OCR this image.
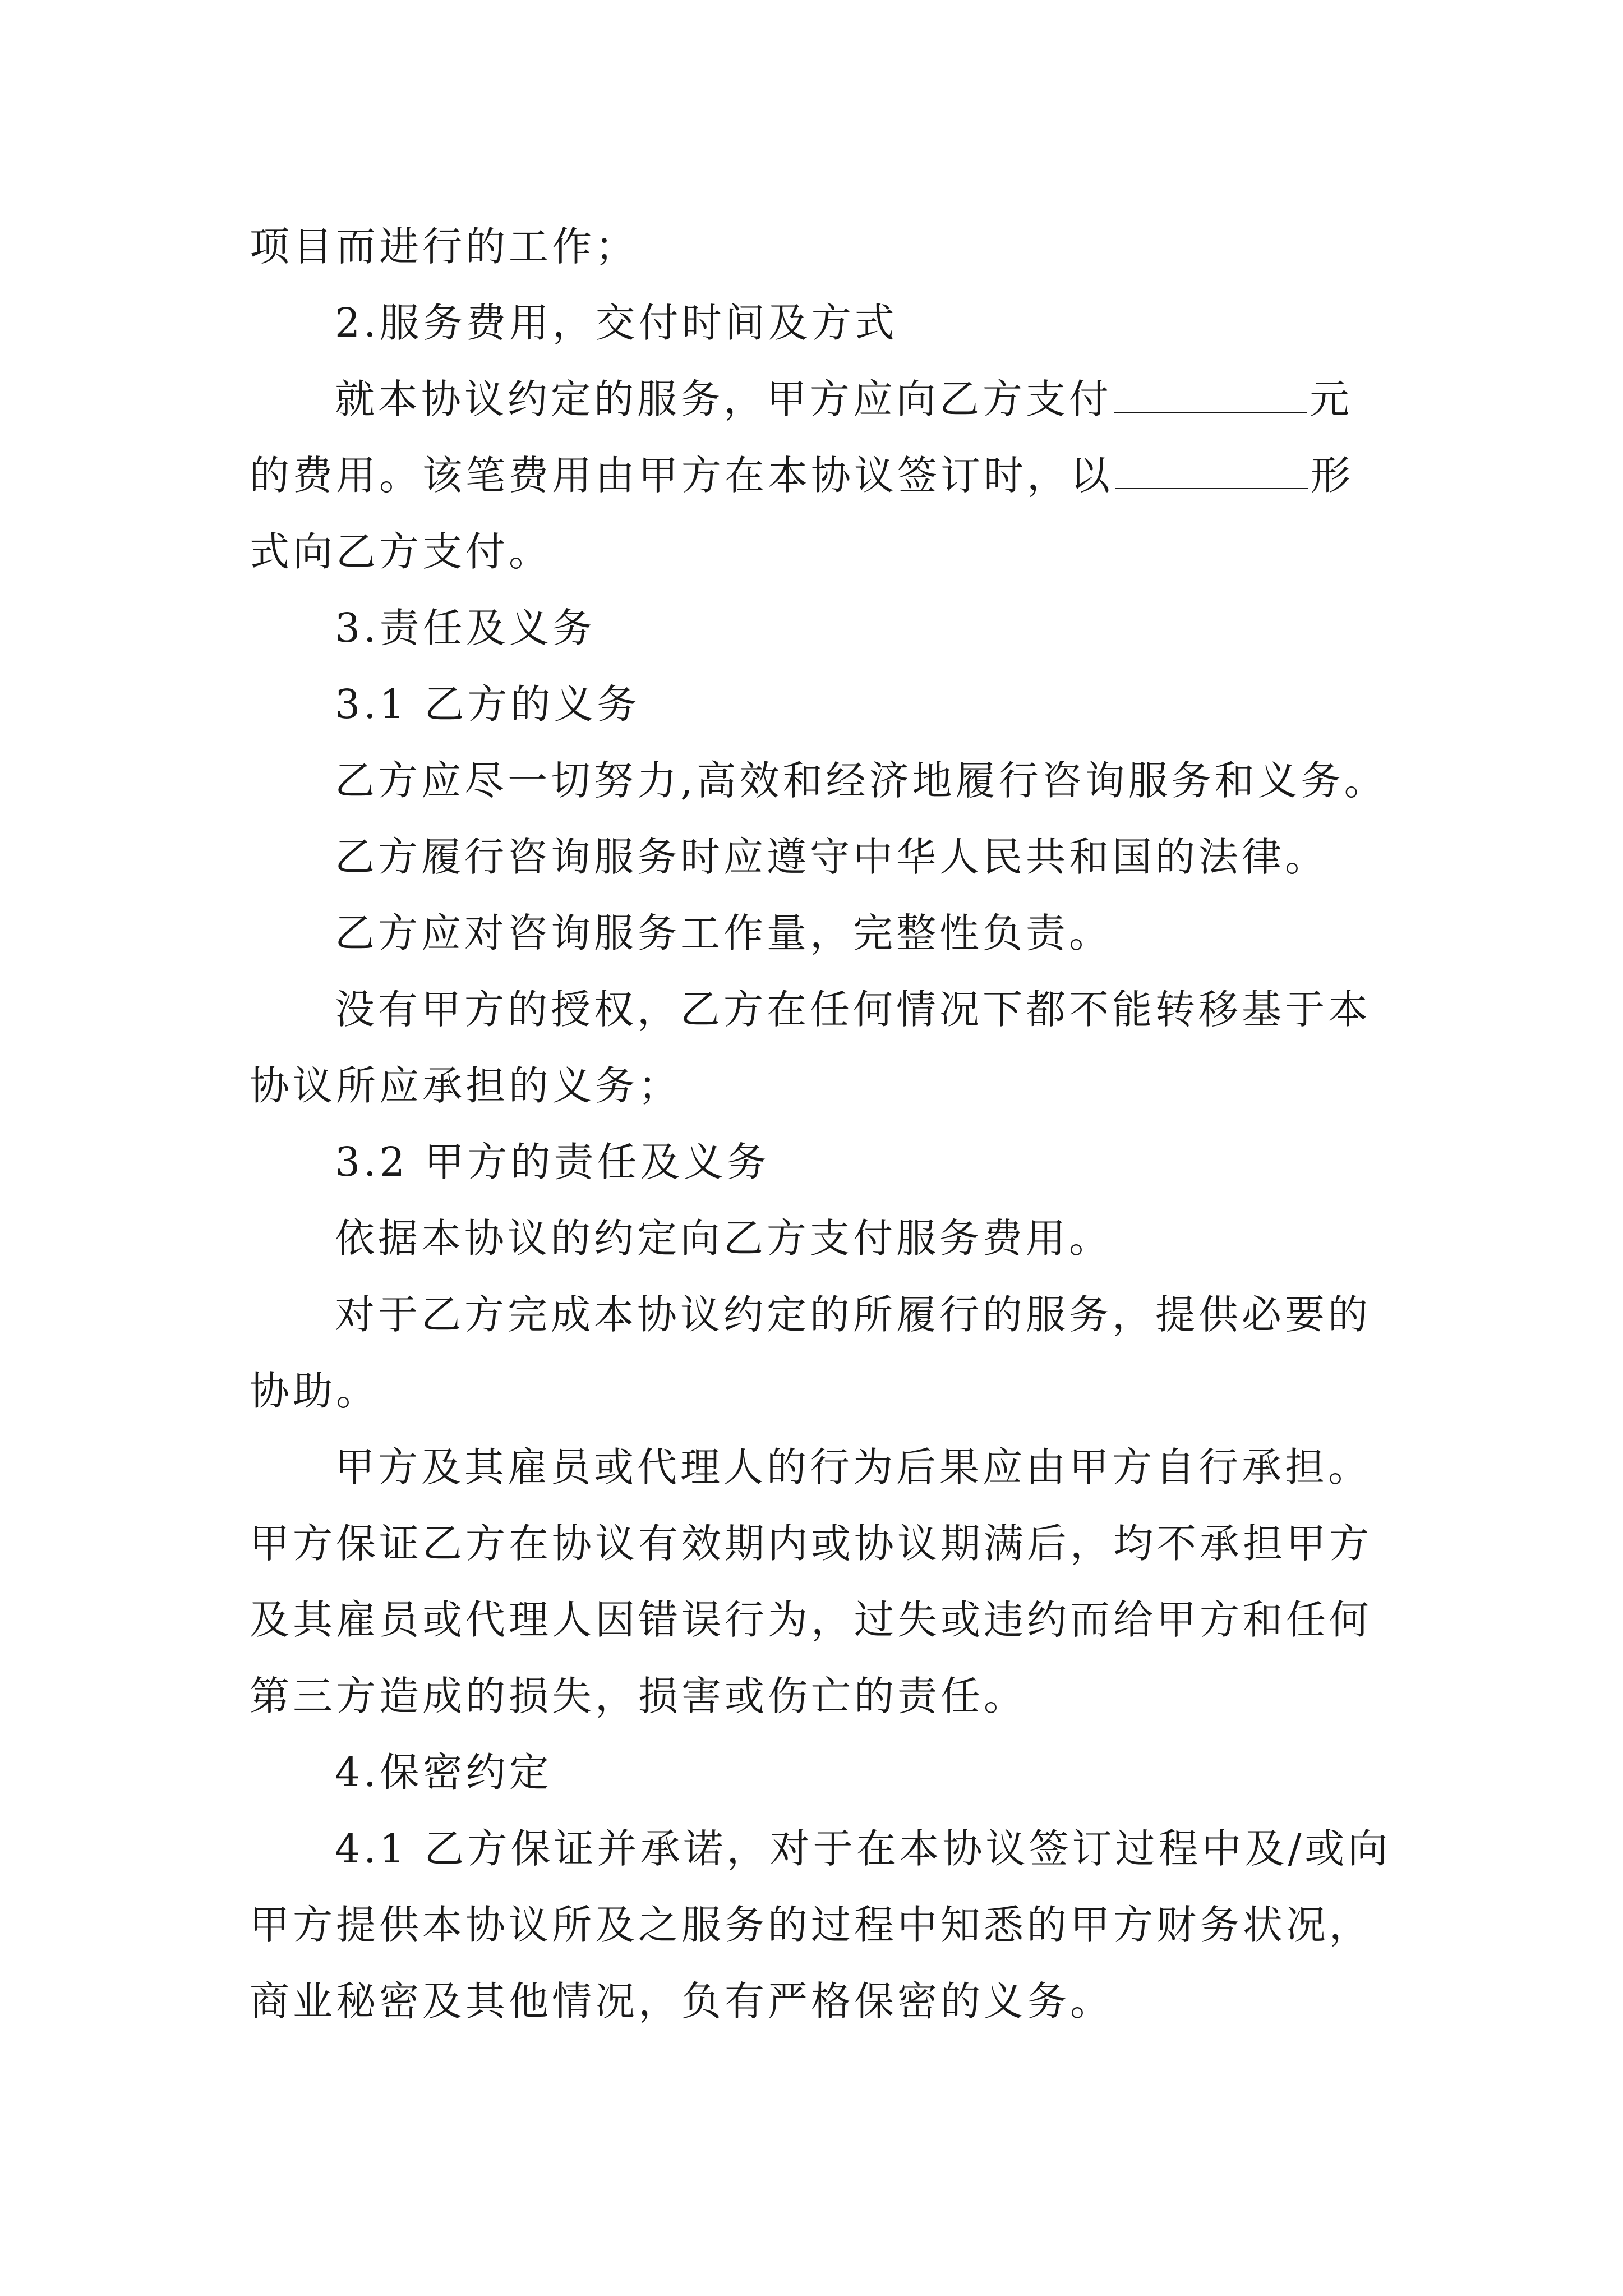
项目而进行的工作；
2.服务费用，交付时间及方式
就本协议约定的服务，甲方应向乙方支付	元
的费用。该笔费用由甲方在本协议签订时，以	形
式向乙方支付。
3.责任及义务
3.1 乙方的义务
乙方应尽一切努力,高效和经济地履行咨询服务和义务。
乙方履行咨询服务时应遵守中华人民共和国的法律。
乙方应对咨询服务工作量，完整性负责。
没有甲方的授权，乙方在任何情况下都不能转移基于本
协议所应承担的义务；
3.2 甲方的责任及义务
依据本协议的约定向乙方支付服务费用。
对于乙方完成本协议约定的所履行的服务，提供必要的
协助。
甲方及其雇员或代理人的行为后果应由甲方自行承担。
甲方保证乙方在协议有效期内或协议期满后，均不承担甲方
及其雇员或代理人因错误行为，过失或违约而给甲方和任何
第三方造成的损失，损害或伤亡的责任。
4.保密约定
4.1 乙方保证并承诺，对于在本协议签订过程中及/或向
甲方提供本协议所及之服务的过程中知悉的甲方财务状况，
商业秘密及其他情况，负有严格保密的义务。
